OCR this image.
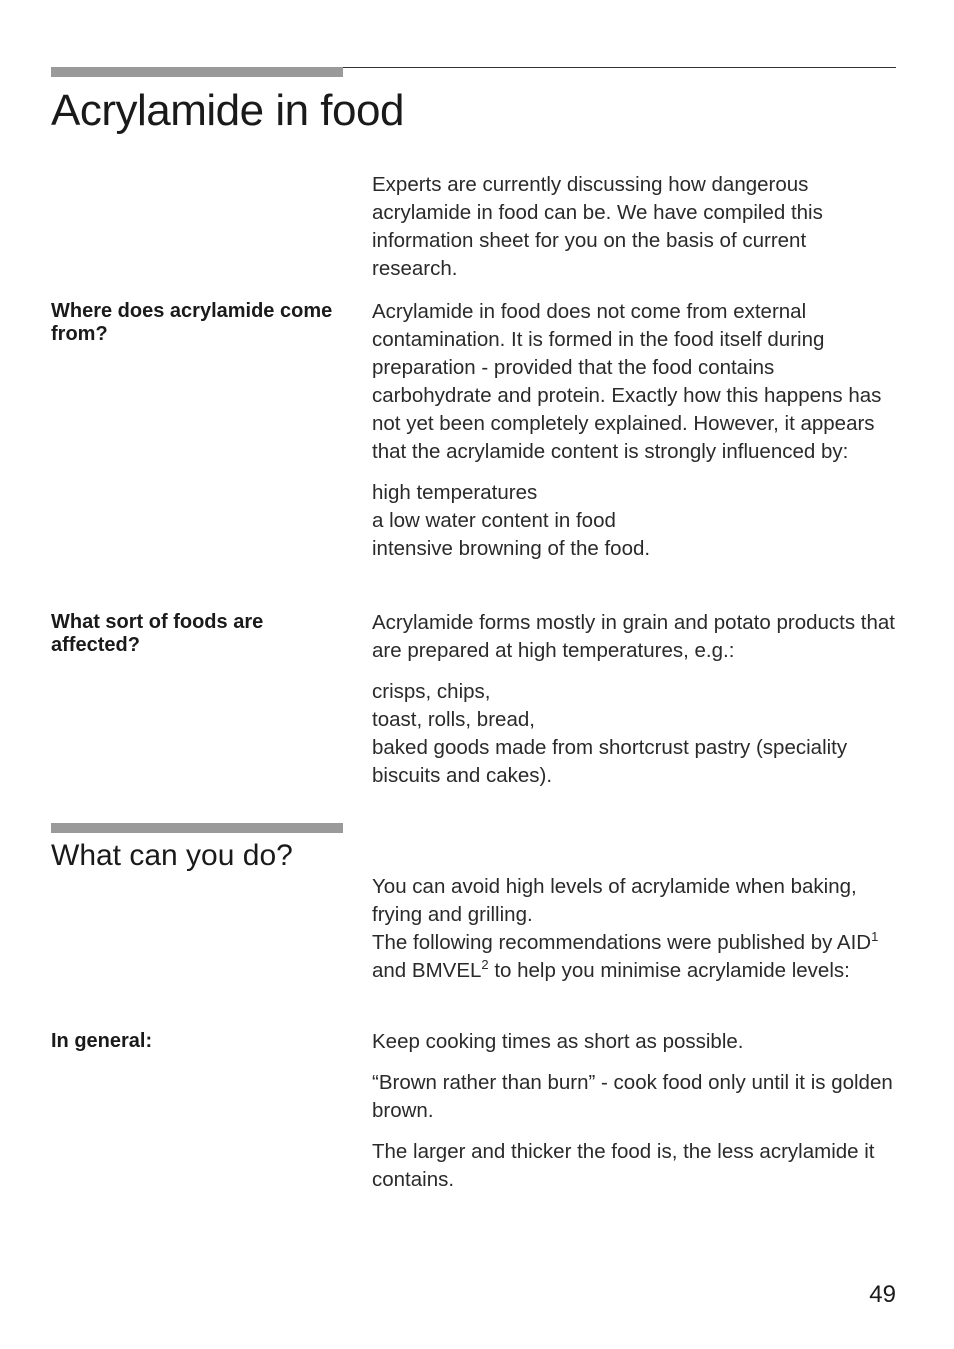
Acrylamide in food

Experts are currently discussing how dangerous acrylamide in food can be. We have compiled this information sheet for you on the basis of current research.

Where does acrylamide come from?

Acrylamide in food does not come from external contamination. It is formed in the food itself during preparation - provided that the food contains carbohydrate and protein. Exactly how this happens has not yet been completely explained. However, it appears that the acrylamide content is strongly influenced by:

high temperatures

a low water content in food

intensive browning of the food.

What sort of foods are affected?

Acrylamide forms mostly in grain and potato products that are prepared at high temperatures, e.g.:

crisps, chips,

toast, rolls, bread,

baked goods made from shortcrust pastry (speciality biscuits and cakes).

What can you do?

You can avoid high levels of acrylamide when baking, frying and grilling.

The following recommendations were published by AID$^1$ and BMVEL$^2$ to help you minimise acrylamide levels:

In general:	Keep cooking times as short as possible.

“Brown rather than burn” - cook food only until it is golden brown.

The larger and thicker the food is, the less acrylamide it contains.

49
